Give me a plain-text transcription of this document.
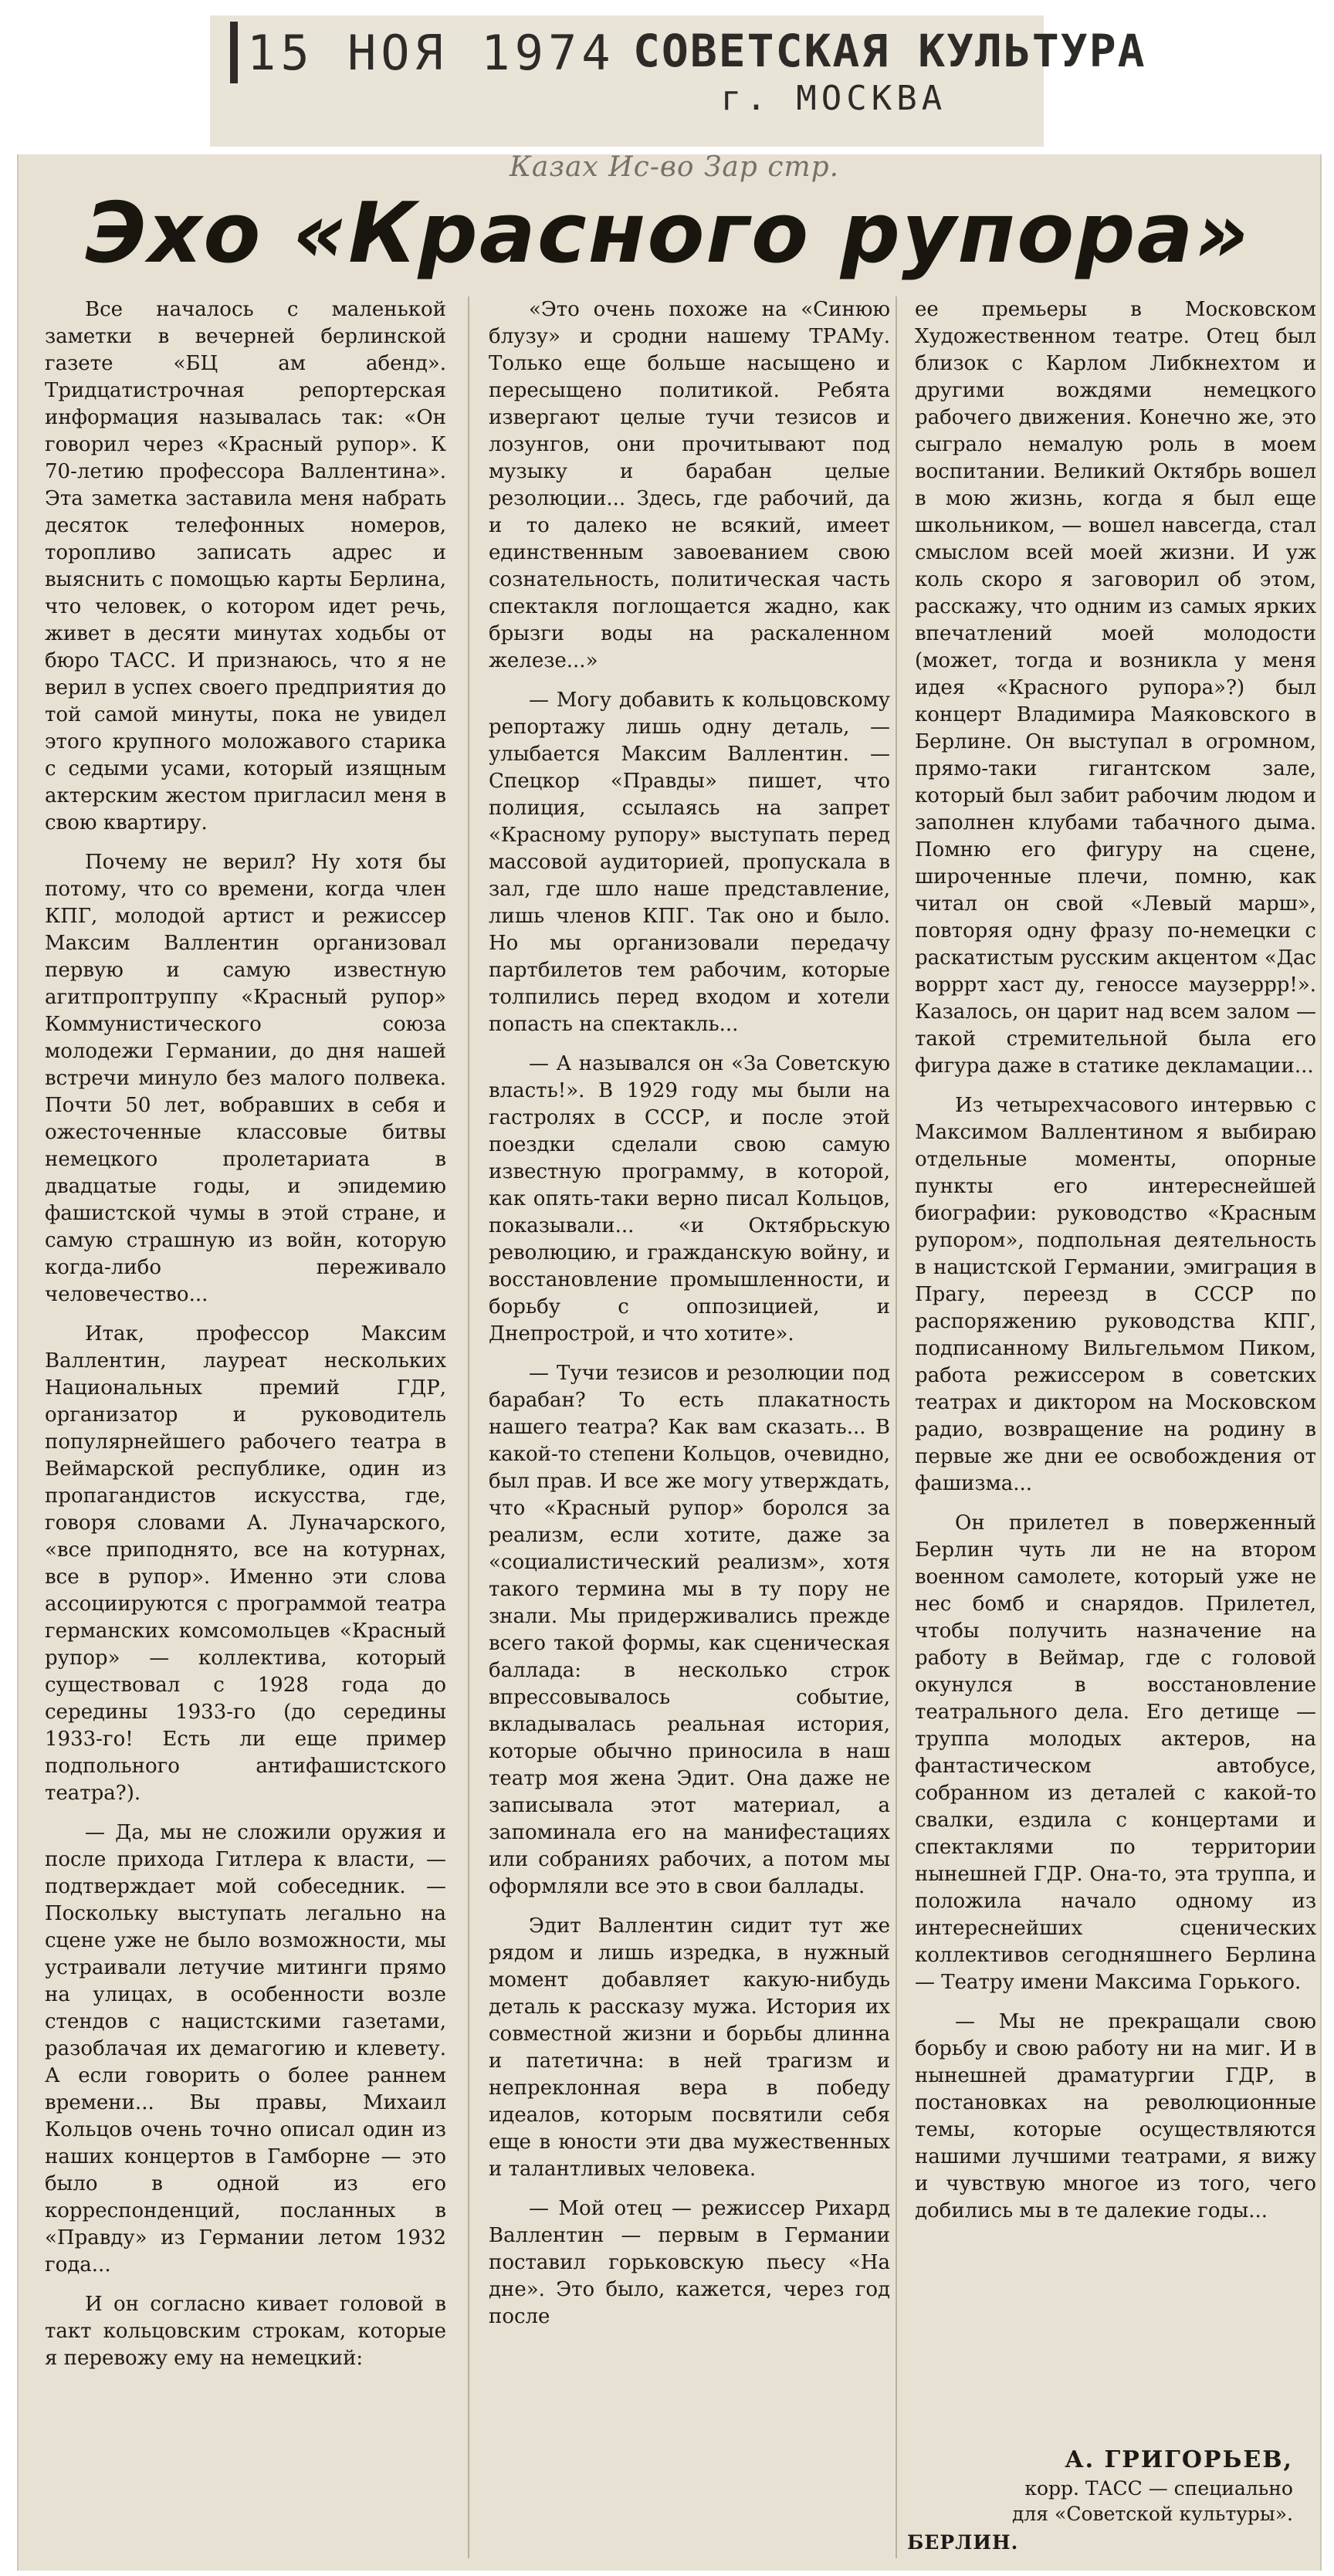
15 НОЯ 1974 СОВЕТСКАЯ КУЛЬТУРА
г. МОСКВА
Казах Ис-во Зар стр.
Эхо «Красного рупора»

Все началось с маленькой заметки в вечерней берлинской газете «БЦ ам абенд». Тридцатистрочная репортерская информация называлась так: «Он говорил через «Красный рупор». К 70-летию профессора Валлентина». Эта заметка заставила меня набрать десяток телефонных номеров, торопливо записать адрес и выяснить с помощью карты Берлина, что человек, о котором идет речь, живет в десяти минутах ходьбы от бюро ТАСС. И признаюсь, что я не верил в успех своего предприятия до той самой минуты, пока не увидел этого крупного моложавого старика с седыми усами, который изящным актерским жестом пригласил меня в свою квартиру.

Почему не верил? Ну хотя бы потому, что со времени, когда член КПГ, молодой артист и режиссер Максим Валлентин организовал первую и самую известную агитпроптруппу «Красный рупор» Коммунистического союза молодежи Германии, до дня нашей встречи минуло без малого полвека. Почти 50 лет, вобравших в себя и ожесточенные классовые битвы немецкого пролетариата в двадцатые годы, и эпидемию фашистской чумы в этой стране, и самую страшную из войн, которую когда-либо переживало человечество...

Итак, профессор Максим Валлентин, лауреат нескольких Национальных премий ГДР, организатор и руководитель популярнейшего рабочего театра в Веймарской республике, один из пропагандистов искусства, где, говоря словами А. Луначарского, «все приподнято, все на котурнах, все в рупор». Именно эти слова ассоциируются с программой театра германских комсомольцев «Красный рупор» — коллектива, который существовал с 1928 года до середины 1933-го (до середины 1933-го! Есть ли еще пример подпольного антифашистского театра?).

— Да, мы не сложили оружия и после прихода Гитлера к власти, — подтверждает мой собеседник. — Поскольку выступать легально на сцене уже не было возможности, мы устраивали летучие митинги прямо на улицах, в особенности возле стендов с нацистскими газетами, разоблачая их демагогию и клевету. А если говорить о более раннем времени... Вы правы, Михаил Кольцов очень точно описал один из наших концертов в Гамборне — это было в одной из его корреспонденций, посланных в «Правду» из Германии летом 1932 года...

И он согласно кивает головой в такт кольцовским строкам, которые я перевожу ему на немецкий:

«Это очень похоже на «Синюю блузу» и сродни нашему ТРАМу. Только еще больше насыщено и пересыщено политикой. Ребята извергают целые тучи тезисов и лозунгов, они прочитывают под музыку и барабан целые резолюции... Здесь, где рабочий, да и то далеко не всякий, имеет единственным завоеванием свою сознательность, политическая часть спектакля поглощается жадно, как брызги воды на раскаленном железе...»

— Могу добавить к кольцовскому репортажу лишь одну деталь, — улыбается Максим Валлентин. — Спецкор «Правды» пишет, что полиция, ссылаясь на запрет «Красному рупору» выступать перед массовой аудиторией, пропускала в зал, где шло наше представление, лишь членов КПГ. Так оно и было. Но мы организовали передачу партбилетов тем рабочим, которые толпились перед входом и хотели попасть на спектакль...

— А назывался он «За Советскую власть!». В 1929 году мы были на гастролях в СССР, и после этой поездки сделали свою самую известную программу, в которой, как опять-таки верно писал Кольцов, показывали... «и Октябрьскую революцию, и гражданскую войну, и восстановление промышленности, и борьбу с оппозицией, и Днепрострой, и что хотите».

— Тучи тезисов и резолюции под барабан? То есть плакатность нашего театра? Как вам сказать... В какой-то степени Кольцов, очевидно, был прав. И все же могу утверждать, что «Красный рупор» боролся за реализм, если хотите, даже за «социалистический реализм», хотя такого термина мы в ту пору не знали. Мы придерживались прежде всего такой формы, как сценическая баллада: в несколько строк впрессовывалось событие, вкладывалась реальная история, которые обычно приносила в наш театр моя жена Эдит. Она даже не записывала этот материал, а запоминала его на манифестациях или собраниях рабочих, а потом мы оформляли все это в свои баллады.

Эдит Валлентин сидит тут же рядом и лишь изредка, в нужный момент добавляет какую-нибудь деталь к рассказу мужа. История их совместной жизни и борьбы длинна и патетична: в ней трагизм и непреклонная вера в победу идеалов, которым посвятили себя еще в юности эти два мужественных и талантливых человека.

— Мой отец — режиссер Рихард Валлентин — первым в Германии поставил горьковскую пьесу «На дне». Это было, кажется, через год после

ее премьеры в Московском Художественном театре. Отец был близок с Карлом Либкнехтом и другими вождями немецкого рабочего движения. Конечно же, это сыграло немалую роль в моем воспитании. Великий Октябрь вошел в мою жизнь, когда я был еще школьником, — вошел навсегда, стал смыслом всей моей жизни. И уж коль скоро я заговорил об этом, расскажу, что одним из самых ярких впечатлений моей молодости (может, тогда и возникла у меня идея «Красного рупора»?) был концерт Владимира Маяковского в Берлине. Он выступал в огромном, прямо-таки гигантском зале, который был забит рабочим людом и заполнен клубами табачного дыма. Помню его фигуру на сцене, широченные плечи, помню, как читал он свой «Левый марш», повторяя одну фразу по-немецки с раскатистым русским акцентом «Дас ворррт хаст ду, геноссе маузеррр!». Казалось, он царит над всем залом — такой стремительной была его фигура даже в статике декламации...

Из четырехчасового интервью с Максимом Валлентином я выбираю отдельные моменты, опорные пункты его интереснейшей биографии: руководство «Красным рупором», подпольная деятельность в нацистской Германии, эмиграция в Прагу, переезд в СССР по распоряжению руководства КПГ, подписанному Вильгельмом Пиком, работа режиссером в советских театрах и диктором на Московском радио, возвращение на родину в первые же дни ее освобождения от фашизма...

Он прилетел в поверженный Берлин чуть ли не на втором военном самолете, который уже не нес бомб и снарядов. Прилетел, чтобы получить назначение на работу в Веймар, где с головой окунулся в восстановление театрального дела. Его детище — труппа молодых актеров, на фантастическом автобусе, собранном из деталей с какой-то свалки, ездила с концертами и спектаклями по территории нынешней ГДР. Она-то, эта труппа, и положила начало одному из интереснейших сценических коллективов сегодняшнего Берлина — Театру имени Максима Горького.

— Мы не прекращали свою борьбу и свою работу ни на миг. И в нынешней драматургии ГДР, в постановках на революционные темы, которые осуществляются нашими лучшими театрами, я вижу и чувствую многое из того, чего добились мы в те далекие годы...

А. ГРИГОРЬЕВ,
корр. ТАСС — специально
для «Советской культуры».
БЕРЛИН.
